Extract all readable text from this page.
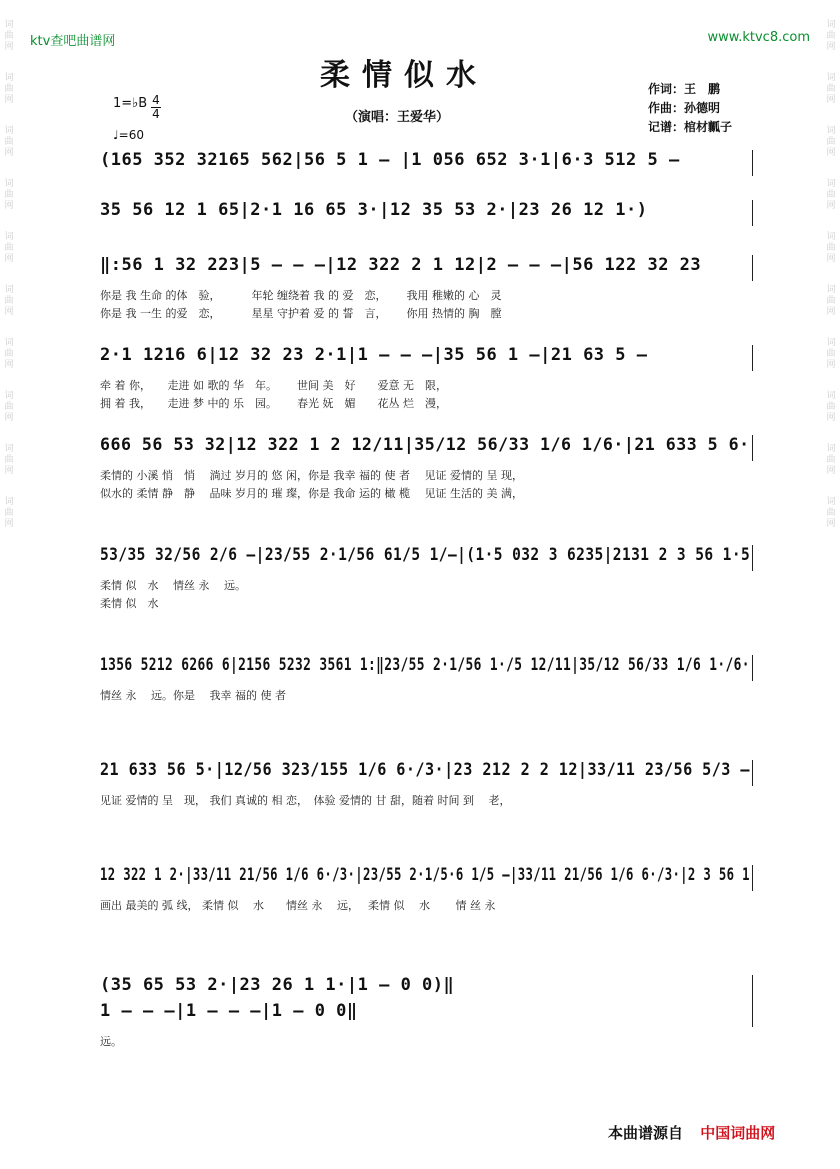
ktv查吧曲谱网	www.ktvc8.com
词
曲
网
词
曲
网
词
曲
网
词
曲
网
词
曲
网
词
曲
网
词
曲
网
词
曲
网
词
曲
网
词
曲
网
词
曲
网
词
曲
网
词
曲
网
词
曲
网
词
曲
网
词
曲
网
词
曲
网
词
曲
网
词
曲
网
词
曲
网
柔情似水
1=♭B 4
4
♩=60
（演唱：王爱华）
作词：王　鹏
作曲：孙德明
记谱：棺材瓤子
(165 352 32165 562|56 5 1 – |1 056 652 3·1|6·3 512 5 –
35 56 12 1 65|2·1 16 65 3·|12 35 53 2·|23 26 12 1·)
‖:56 1 32 223|5 – – –|12 322 2 1 12|2 – – –|56 122 32 23
你是 我 生命 的体　验，　　　 年轮 缠绕着 我 的 爱　恋，　　 我用 稚嫩的 心　灵
你是 我 一生 的爱　恋，　　　 星星 守护着 爱 的 誓　言，　　 你用 热情的 胸　膛
2·1 1216 6|12 32 23 2·1|1 – – –|35 56 1 –|21 63 5 –
牵 着 你，　　走进 如 歌的 华　年。　　 世间 美　好　　爱意 无　限，
拥 着 我，　　走进 梦 中的 乐　园。　　 春光 妩　媚　　花丛 烂　漫，
666 56 53 32|12 322 1 2 12/11|35/12 56/33 1/6 1/6·|21 633 5 6·
柔情的 小溪 悄　悄　 淌过 岁月的 悠 闲，你是 我幸 福的 使 者　 见证 爱情的 呈 现，
似水的 柔情 静　静　 品味 岁月的 璀 璨，你是 我命 运的 橄 榄　 见证 生活的 美 满，
53/35 32/56 2/6 –|23/55 2·1/56 61/5 1/–|(1·5 032 3 6235|2131 2 3 56 1·5
柔情 似　水　 情丝 永　 远。
柔情 似　水
1356 5212 6266 6|2156 5232 3561 1:‖23/55 2·1/56 1·/5 12/11|35/12 56/33 1/6 1·/6·
情丝 永　 远。你是　 我幸 福的 使 者
21 633 56 5·|12/56 323/155 1/6 6·/3·|23 212 2 2 12|33/11 23/56 5/3 –
见证 爱情的 呈　现， 我们 真诚的 相 恋，　体验 爱情的 甘 甜，随着 时间 到　 老，
12 322 1 2·|33/11 21/56 1/6 6·/3·|23/55 2·1/5·6 1/5 –|33/11 21/56 1/6 6·/3·|2 3 56 1
画出 最美的 弧 线， 柔情 似　 水　　情丝 永　 远，　 柔情 似　 水　　 情 丝 永
(35 65 53 2·|23 26 1 1·|1 – 0 0)‖
1 – – –|1 – – –|1 – 0 0‖
远。
本曲谱源自 中国词曲网
